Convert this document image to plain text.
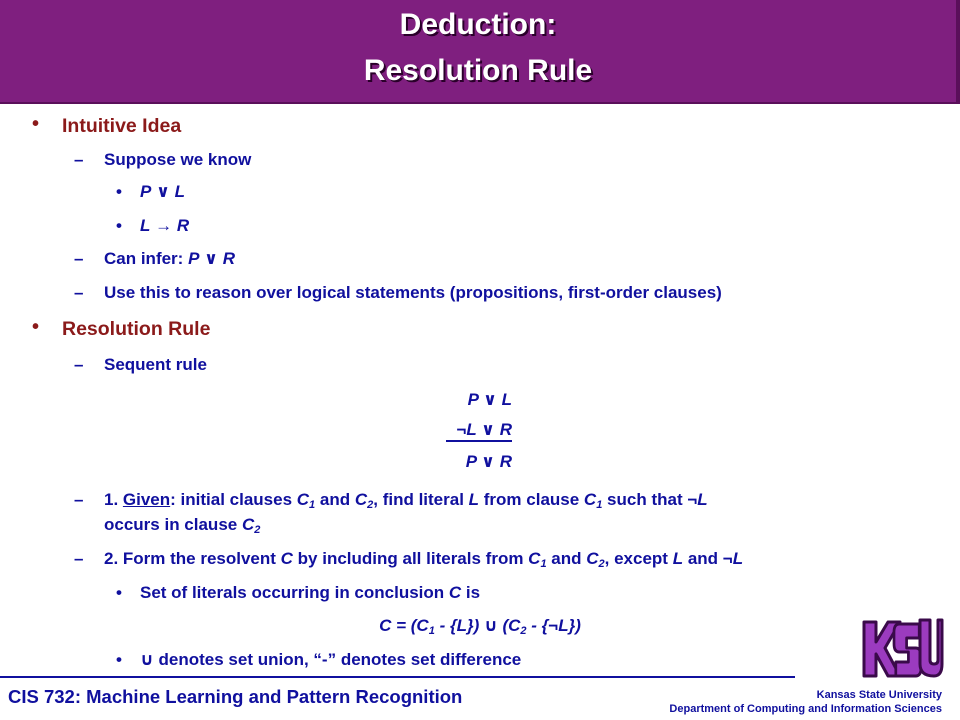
Deduction:
Resolution Rule
• Intuitive Idea
– Suppose we know
• P ∨ L
• L → R
– Can infer: P ∨ R
– Use this to reason over logical statements (propositions, first-order clauses)
• Resolution Rule
– Sequent rule
P ∨ L
¬L ∨ R
P ∨ R
– 1. Given: initial clauses $C_1$ and $C_2$, find literal L from clause $C_1$ such that ¬L
occurs in clause $C_2$
– 2. Form the resolvent C by including all literals from $C_1$ and $C_2$, except L and ¬L
• Set of literals occurring in conclusion C is
$C = (C_1 - \{L\})$ ∪ ($C_2$ - {¬L})
• ∪ denotes set union, “-” denotes set difference
CIS 732: Machine Learning and Pattern Recognition	Kansas State University
Department of Computing and Information Sciences
